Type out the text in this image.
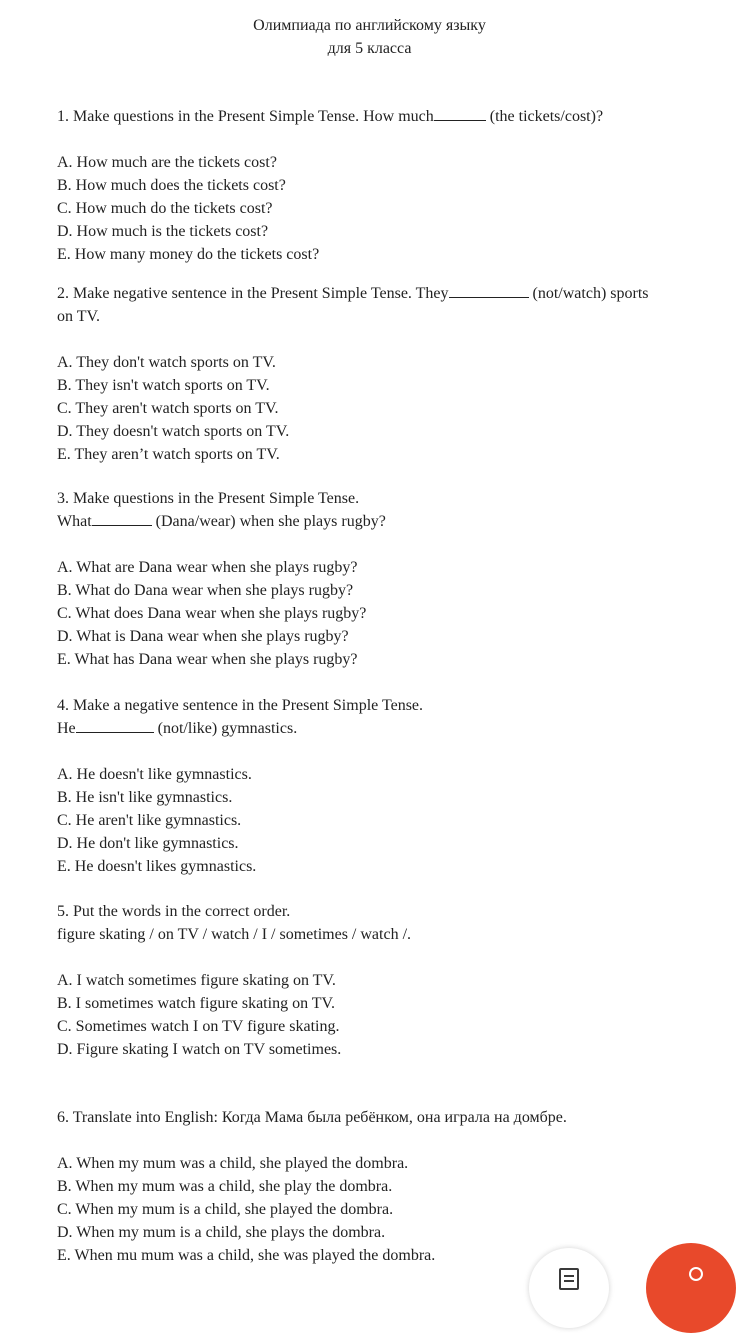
Олимпиада по английскому языку
для 5 класса
1. Make questions in the Present Simple Tense. How much	(the tickets/cost)?
A. How much are the tickets cost?
B. How much does the tickets cost?
C. How much do the tickets cost?
D. How much is the tickets cost?
E. How many money do the tickets cost?
2. Make negative sentence in the Present Simple Tense. They	(not/watch) sports
on TV.
A. They don't watch sports on TV.
B. They isn't watch sports on TV.
C. They aren't watch sports on TV.
D. They doesn't watch sports on TV.
E. They aren’t watch sports on TV.
3. Make questions in the Present Simple Tense.
What	(Dana/wear) when she plays rugby?
A. What are Dana wear when she plays rugby?
B. What do Dana wear when she plays rugby?
C. What does Dana wear when she plays rugby?
D. What is Dana wear when she plays rugby?
E. What has Dana wear when she plays rugby?
4. Make a negative sentence in the Present Simple Tense.
He	(not/like) gymnastics.
A. He doesn't like gymnastics.
B. He isn't like gymnastics.
C. He aren't like gymnastics.
D. He don't like gymnastics.
E. He doesn't likes gymnastics.
5. Put the words in the correct order.
figure skating / on TV / watch / I / sometimes / watch /.
A. I watch sometimes figure skating on TV.
B. I sometimes watch figure skating on TV.
C. Sometimes watch I on TV figure skating.
D. Figure skating I watch on TV sometimes.
6. Translate into English: Когда Мама была ребёнком, она играла на домбре.
A. When my mum was a child, she played the dombra.
B. When my mum was a child, she play the dombra.
C. When my mum is a child, she played the dombra.
D. When my mum is a child, she plays the dombra.
E. When mu mum was a child, she was played the dombra.
